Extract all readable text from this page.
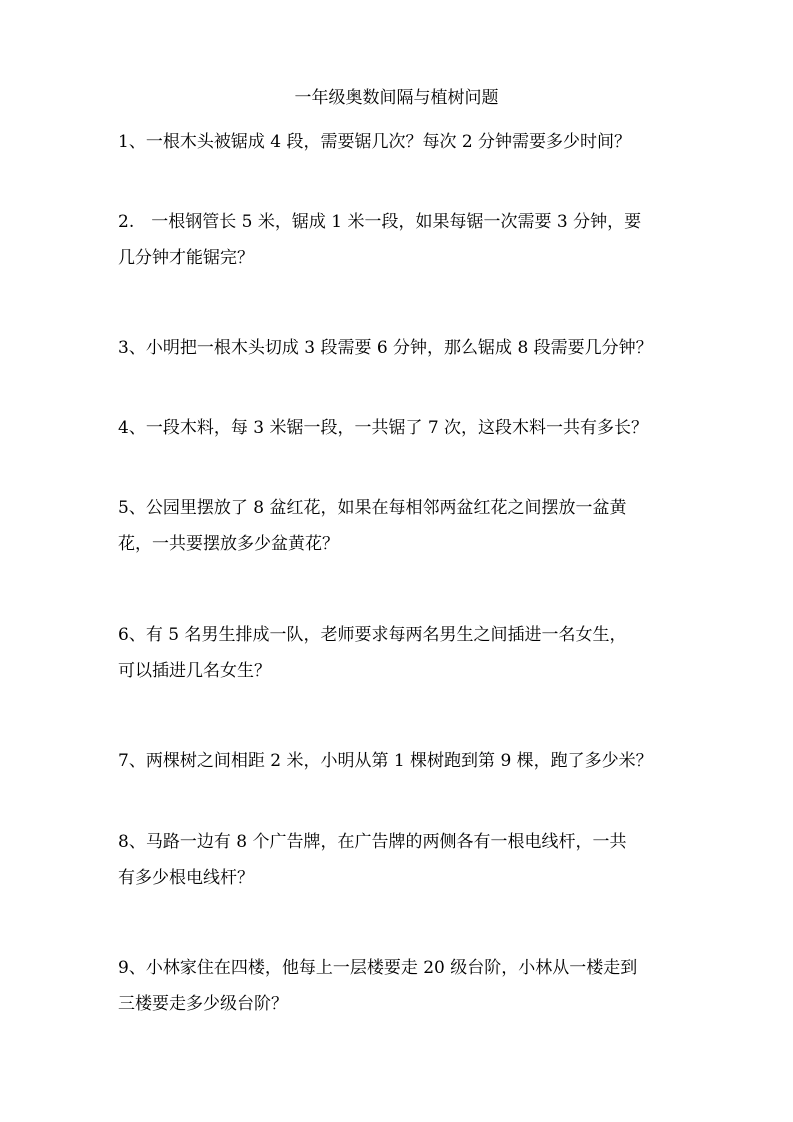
一年级奥数间隔与植树问题
1、一根木头被锯成 4 段，需要锯几次？每次 2 分钟需要多少时间？
2.　一根钢管长 5 米，锯成 1 米一段，如果每锯一次需要 3 分钟，要
几分钟才能锯完？
3、小明把一根木头切成 3 段需要 6 分钟，那么锯成 8 段需要几分钟？
4、一段木料，每 3 米锯一段，一共锯了 7 次，这段木料一共有多长？
5、公园里摆放了 8 盆红花，如果在每相邻两盆红花之间摆放一盆黄
花，一共要摆放多少盆黄花？
6、有 5 名男生排成一队，老师要求每两名男生之间插进一名女生，
可以插进几名女生？
7、两棵树之间相距 2 米，小明从第 1 棵树跑到第 9 棵，跑了多少米？
8、马路一边有 8 个广告牌，在广告牌的两侧各有一根电线杆，一共
有多少根电线杆？
9、小林家住在四楼，他每上一层楼要走 20 级台阶，小林从一楼走到
三楼要走多少级台阶？
